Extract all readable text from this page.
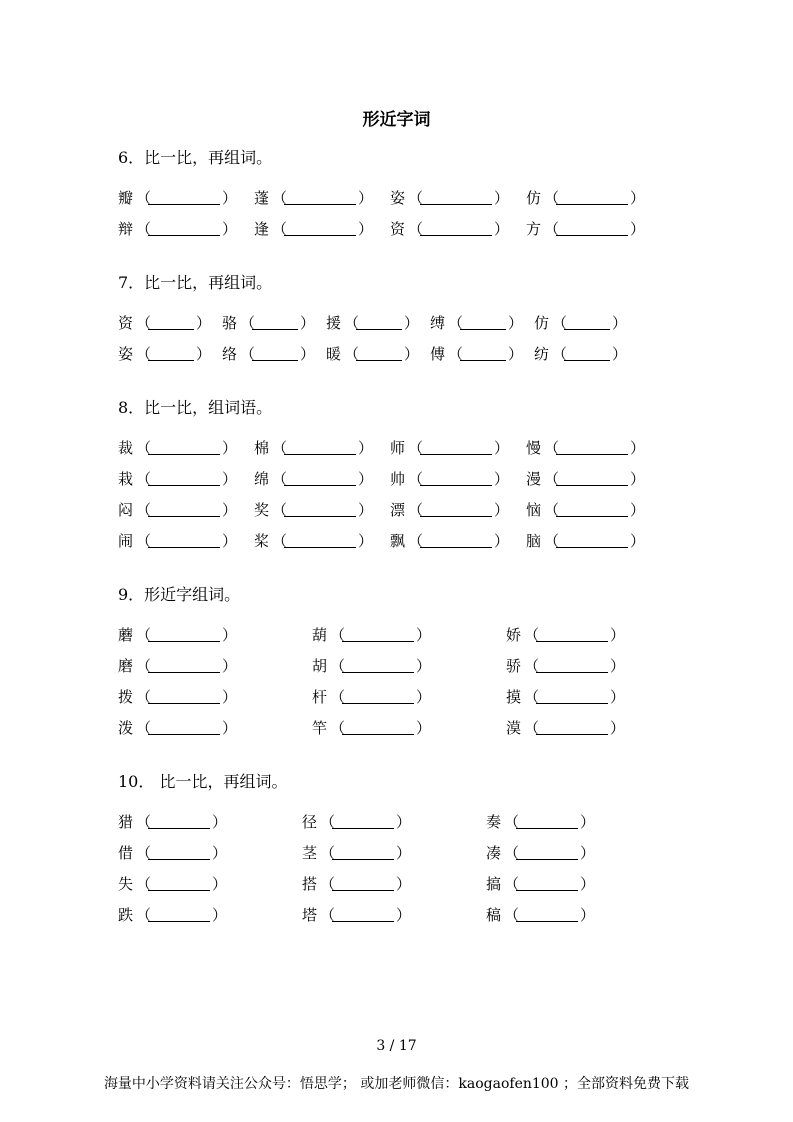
形近字词
6．比一比，再组词。
瓣 （	） 蓬 （	） 姿 （	） 仿 （	）
辩 （	） 逢 （	） 资 （	） 方 （	）
7．比一比，再组词。
资 （	） 骆 （	） 援 （	） 缚 （	） 仿 （	）
姿 （	） 络 （	） 暖 （	） 傅 （	） 纺 （	）
8．比一比，组词语。
裁 （	） 棉 （	） 师 （	） 慢 （	）
栽 （	） 绵 （	） 帅 （	） 漫 （	）
闷 （	） 奖 （	） 漂 （	） 恼 （	）
闹 （	） 桨 （	） 飘 （	） 脑 （	）
9．形近字组词。
蘑 （	）	葫 （	）	娇 （	）
磨 （	）	胡 （	）	骄 （	）
拨 （	）	杆 （	）	摸 （	）
泼 （	）	竿 （	）	漠 （	）
10． 比一比，再组词。
猎 （	）	径 （	）	奏 （	）
借 （	）	茎 （	）	凑 （	）
失 （	）	搭 （	）	搞 （	）
跌 （	）	塔 （	）	稿 （	）
3 / 17
海量中小学资料请关注公众号：悟思学； 或加老师微信：kaogaofen100 ；全部资料免费下载
